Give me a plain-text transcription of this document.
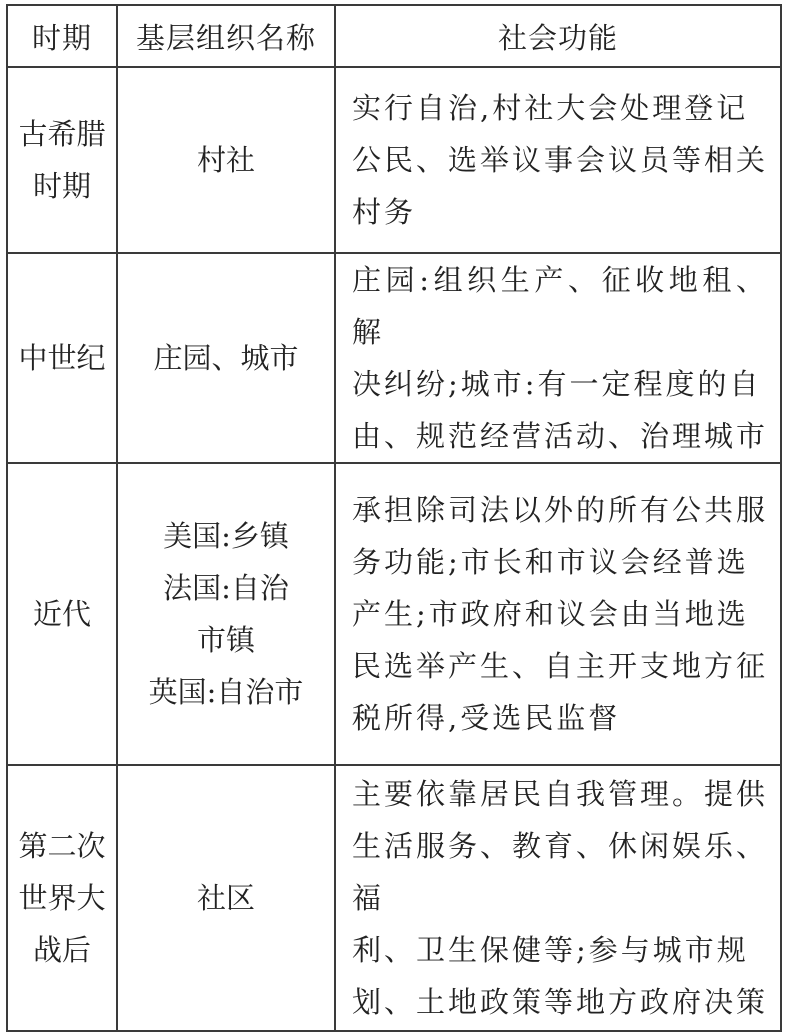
时期	基层组织名称	社会功能

古希腊
时期	村社	实行自治,村社大会处理登记
公民、选举议事会议员等相关
村务

中世纪	庄园、城市	庄园:组织生产、征收地租、解
决纠纷;城市:有一定程度的自
由、规范经营活动、治理城市

近代	美国:乡镇
法国:自治
市镇
英国:自治市	承担除司法以外的所有公共服
务功能;市长和市议会经普选
产生;市政府和议会由当地选
民选举产生、自主开支地方征
税所得,受选民监督

第二次
世界大
战后	社区	主要依靠居民自我管理。提供
生活服务、教育、休闲娱乐、福
利、卫生保健等;参与城市规
划、土地政策等地方政府决策
